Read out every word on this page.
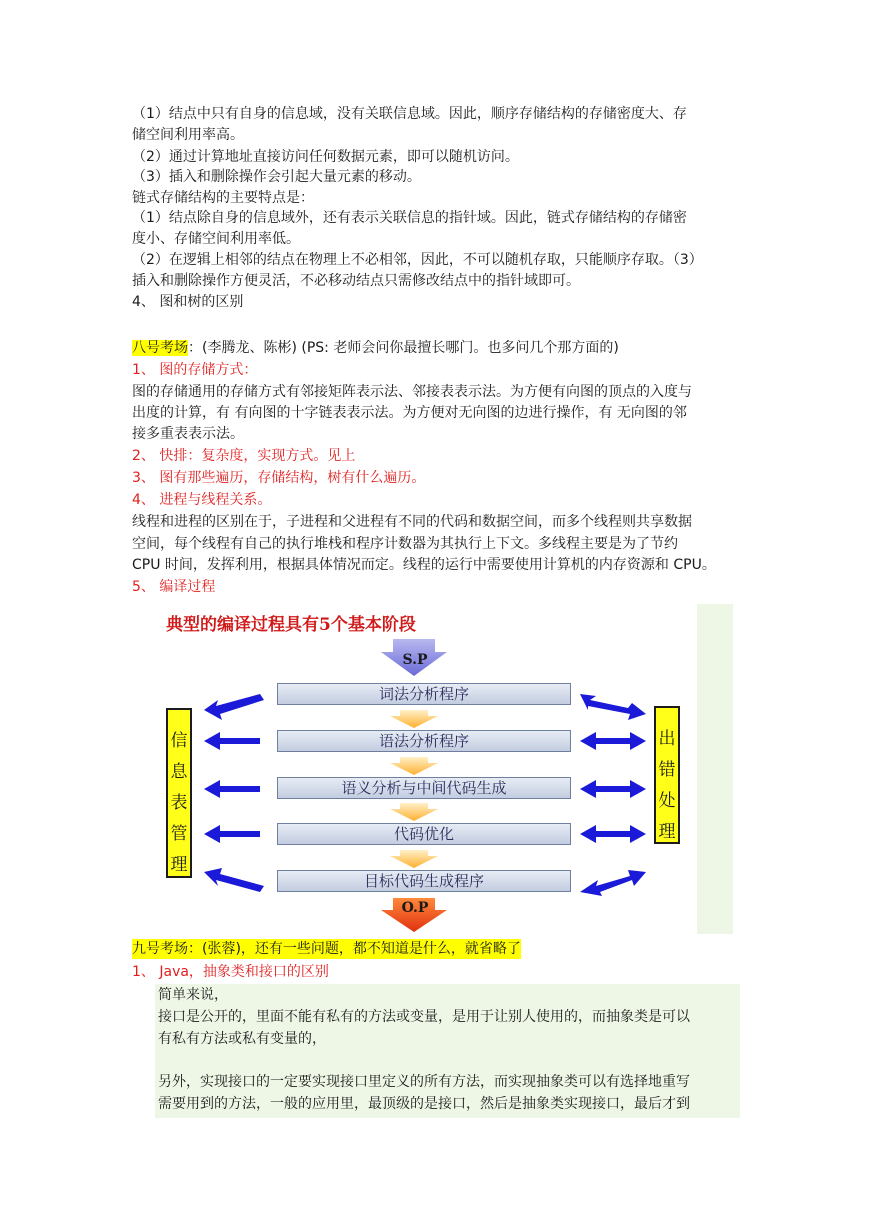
（1）结点中只有自身的信息域，没有关联信息域。因此，顺序存储结构的存储密度大、存
储空间利用率高。
（2）通过计算地址直接访问任何数据元素，即可以随机访问。
（3）插入和删除操作会引起大量元素的移动。
链式存储结构的主要特点是：
（1）结点除自身的信息域外，还有表示关联信息的指针域。因此，链式存储结构的存储密
度小、存储空间利用率低。
（2）在逻辑上相邻的结点在物理上不必相邻，因此，不可以随机存取，只能顺序存取。（3）
插入和删除操作方便灵活，不必移动结点只需修改结点中的指针域即可。
4、 图和树的区别
八号考场：(李腾龙、陈彬) (PS: 老师会问你最擅长哪门。也多问几个那方面的)
1、 图的存储方式：
图的存储通用的存储方式有邻接矩阵表示法、邻接表表示法。为方便有向图的顶点的入度与
出度的计算，有 有向图的十字链表表示法。为方便对无向图的边进行操作，有 无向图的邻
接多重表表示法。
2、 快排：复杂度，实现方式。见上
3、 图有那些遍历，存储结构，树有什么遍历。
4、 进程与线程关系。
线程和进程的区别在于，子进程和父进程有不同的代码和数据空间，而多个线程则共享数据
空间，每个线程有自己的执行堆栈和程序计数器为其执行上下文。多线程主要是为了节约
CPU 时间，发挥利用，根据具体情况而定。线程的运行中需要使用计算机的内存资源和 CPU。
5、 编译过程
典型的编译过程具有5个基本阶段
S.P
O.P
词法分析程序
语法分析程序
语义分析与中间代码生成
代码优化
目标代码生成程序
信息表管理
出错处理
九号考场：(张蓉)，还有一些问题，都不知道是什么，就省略了
1、 Java，抽象类和接口的区别
简单来说，
接口是公开的，里面不能有私有的方法或变量，是用于让别人使用的，而抽象类是可以
有私有方法或私有变量的，
另外，实现接口的一定要实现接口里定义的所有方法，而实现抽象类可以有选择地重写
需要用到的方法，一般的应用里，最顶级的是接口，然后是抽象类实现接口，最后才到
